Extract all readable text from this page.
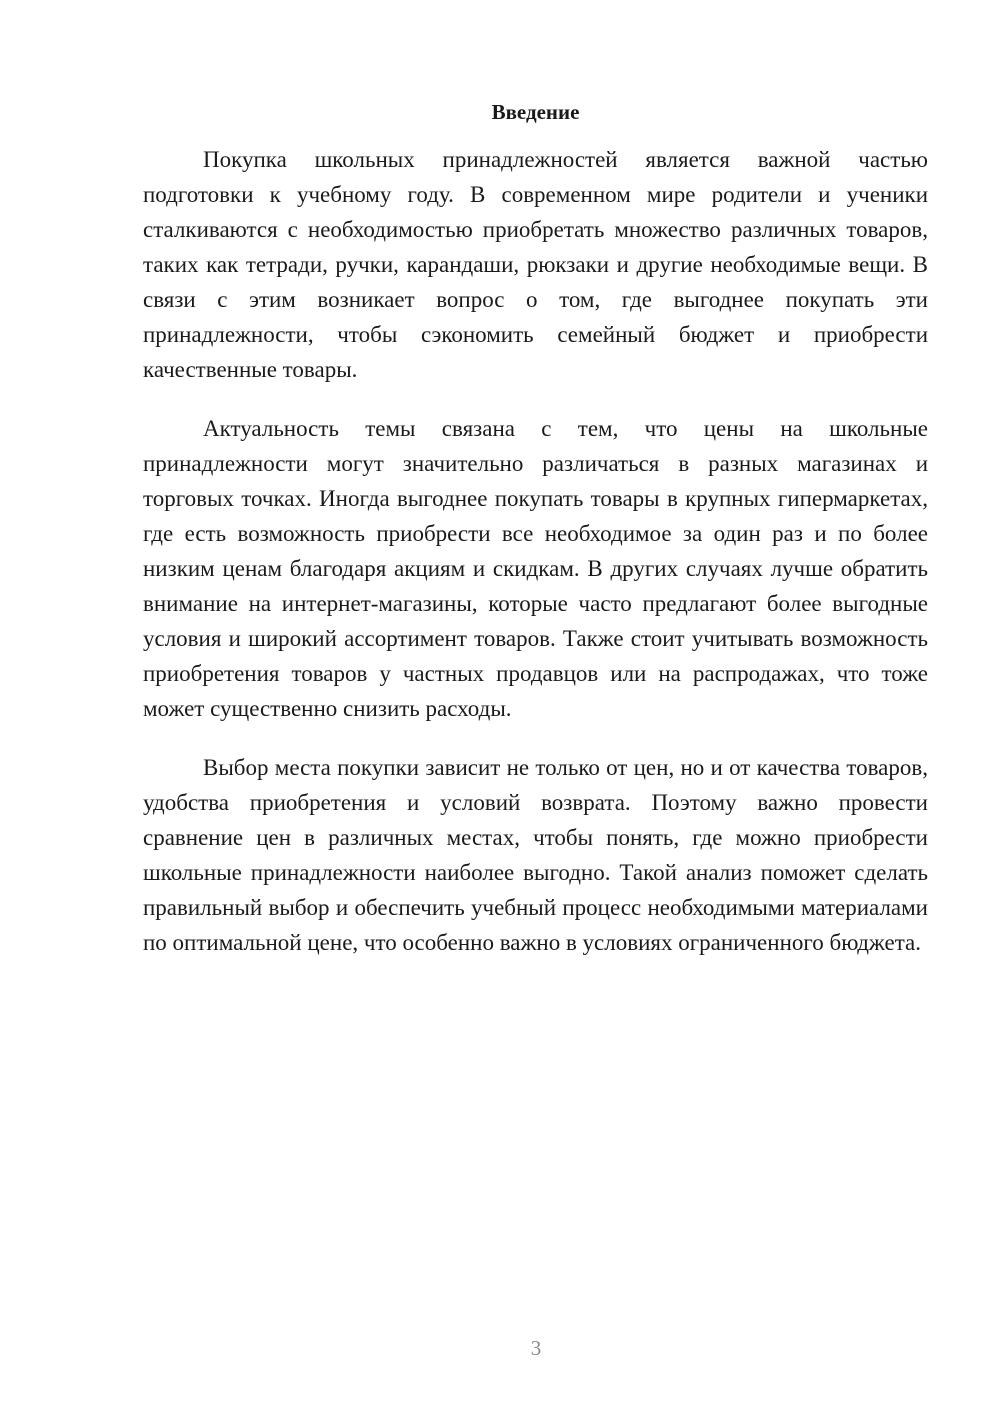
Введение

Покупка школьных принадлежностей является важной частью подготовки к учебному году. В современном мире родители и ученики сталкиваются с необходимостью приобретать множество различных товаров, таких как тетради, ручки, карандаши, рюкзаки и другие необходимые вещи. В связи с этим возникает вопрос о том, где выгоднее покупать эти принадлежности, чтобы сэкономить семейный бюджет и приобрести качественные товары.

Актуальность темы связана с тем, что цены на школьные принадлежности могут значительно различаться в разных магазинах и торговых точках. Иногда выгоднее покупать товары в крупных гипермаркетах, где есть возможность приобрести все необходимое за один раз и по более низким ценам благодаря акциям и скидкам. В других случаях лучше обратить внимание на интернет-магазины, которые часто предлагают более выгодные условия и широкий ассортимент товаров. Также стоит учитывать возможность приобретения товаров у частных продавцов или на распродажах, что тоже может существенно снизить расходы.

Выбор места покупки зависит не только от цен, но и от качества товаров, удобства приобретения и условий возврата. Поэтому важно провести сравнение цен в различных местах, чтобы понять, где можно приобрести школьные принадлежности наиболее выгодно. Такой анализ поможет сделать правильный выбор и обеспечить учебный процесс необходимыми материалами по оптимальной цене, что особенно важно в условиях ограниченного бюджета.

3
